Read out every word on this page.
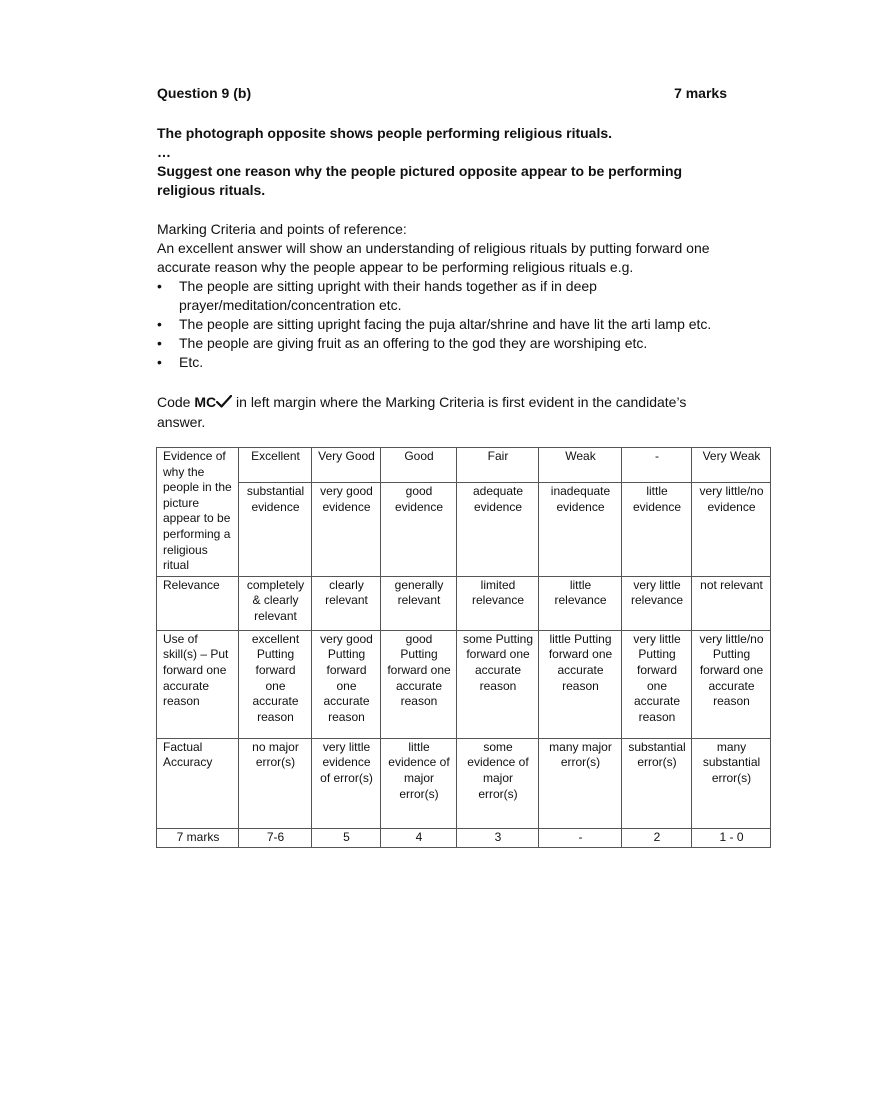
Question 9 (b)	7 marks
The photograph opposite shows people performing religious rituals.
…
Suggest one reason why the people pictured opposite appear to be performing religious rituals.
Marking Criteria and points of reference:
An excellent answer will show an understanding of religious rituals by putting forward one accurate reason why the people appear to be performing religious rituals e.g.
• The people are sitting upright with their hands together as if in deep prayer/meditation/concentration etc.
• The people are sitting upright facing the puja altar/shrine and have lit the arti lamp etc.
• The people are giving fruit as an offering to the god they are worshiping etc.
• Etc.
Code MC in left margin where the Marking Criteria is first evident in the candidate’s answer.
Evidence of why the people in the picture appear to be performing a religious ritual	Excellent	Very Good	Good	Fair	Weak	-	Very Weak
	substantial evidence	very good evidence	good evidence	adequate evidence	inadequate evidence	little evidence	very little/no evidence
Relevance	completely & clearly relevant	clearly relevant	generally relevant	limited relevance	little relevance	very little relevance	not relevant
Use of skill(s) – Put forward one accurate reason	excellent Putting forward one accurate reason	very good Putting forward one accurate reason	good Putting forward one accurate reason	some Putting forward one accurate reason	little Putting forward one accurate reason	very little Putting forward one accurate reason	very little/no Putting forward one accurate reason
Factual Accuracy	no major error(s)	very little evidence of error(s)	little evidence of major error(s)	some evidence of major error(s)	many major error(s)	substantial error(s)	many substantial error(s)
7 marks	7-6	5	4	3	-	2	1 - 0
